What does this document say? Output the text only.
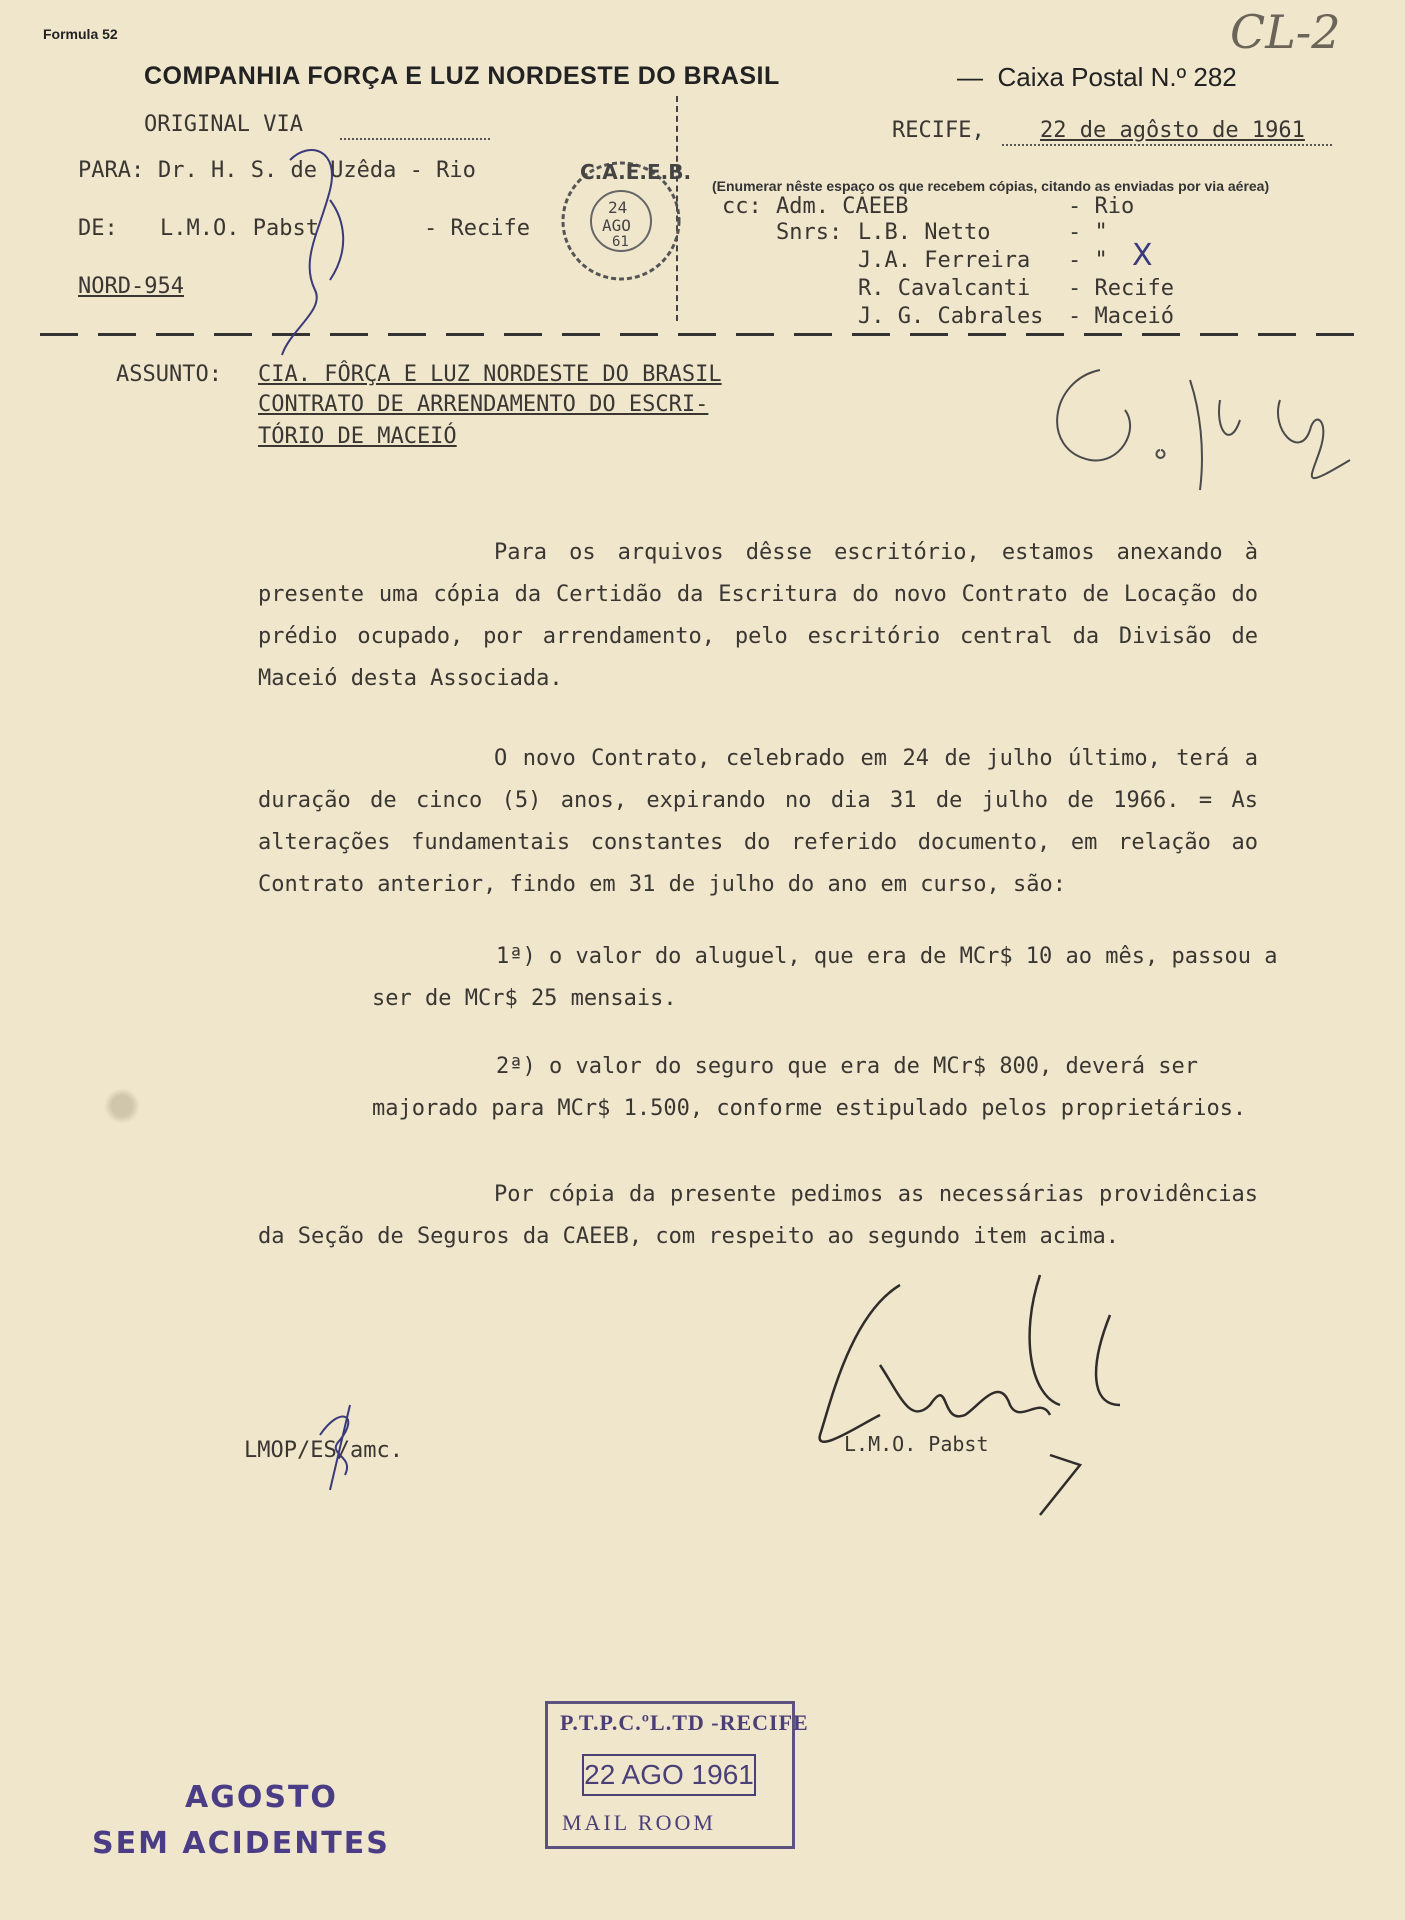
Formula 52	CL-2
COMPANHIA FORÇA E LUZ NORDESTE DO BRASIL	— Caixa Postal N.º 282
ORIGINAL VIA	RECIFE,	22 de agôsto de 1961
PARA: Dr. H. S. de Uzêda - Rio
DE: L.M.O. Pabst	- Recife
NORD-954
C.A.E.E.B.
24
AGO
61
(Enumerar nêste espaço os que recebem cópias, citando as enviadas por via aérea)
cc: Adm. CAEEB	- Rio
Snrs: L.B. Netto	- "
J.A. Ferreira - " X
R. Cavalcanti - Recife
J. G. Cabrales - Maceió
ASSUNTO: CIA. FÔRÇA E LUZ NORDESTE DO BRASIL
CONTRATO DE ARRENDAMENTO DO ESCRI-
TÓRIO DE MACEIÓ

Para os arquivos dêsse escritório, estamos anexando à presente uma cópia da Certidão da Escritura do novo Contrato de Locação do prédio ocupado, por arrendamento, pelo escritório central da Divisão de Maceió desta Associada.

O novo Contrato, celebrado em 24 de julho último, terá a duração de cinco (5) anos, expirando no dia 31 de julho de 1966. = As alterações fundamentais constantes do referido documento, em relação ao Contrato anterior, findo em 31 de julho do ano em curso, são:

1ª) o valor do aluguel, que era de MCr$ 10 ao mês, passou a ser de MCr$ 25 mensais.

2ª) o valor do seguro que era de MCr$ 800, deverá ser majorado para MCr$ 1.500, conforme estipulado pelos proprietários.

Por cópia da presente pedimos as necessárias providências da Seção de Seguros da CAEEB, com respeito ao segundo item acima.

LMOP/ES/amc.	L.M.O. Pabst
P.T.P.C.ºL.TD -RECIFE
22 AGO 1961
MAIL ROOM
AGOSTO
SEM ACIDENTES
